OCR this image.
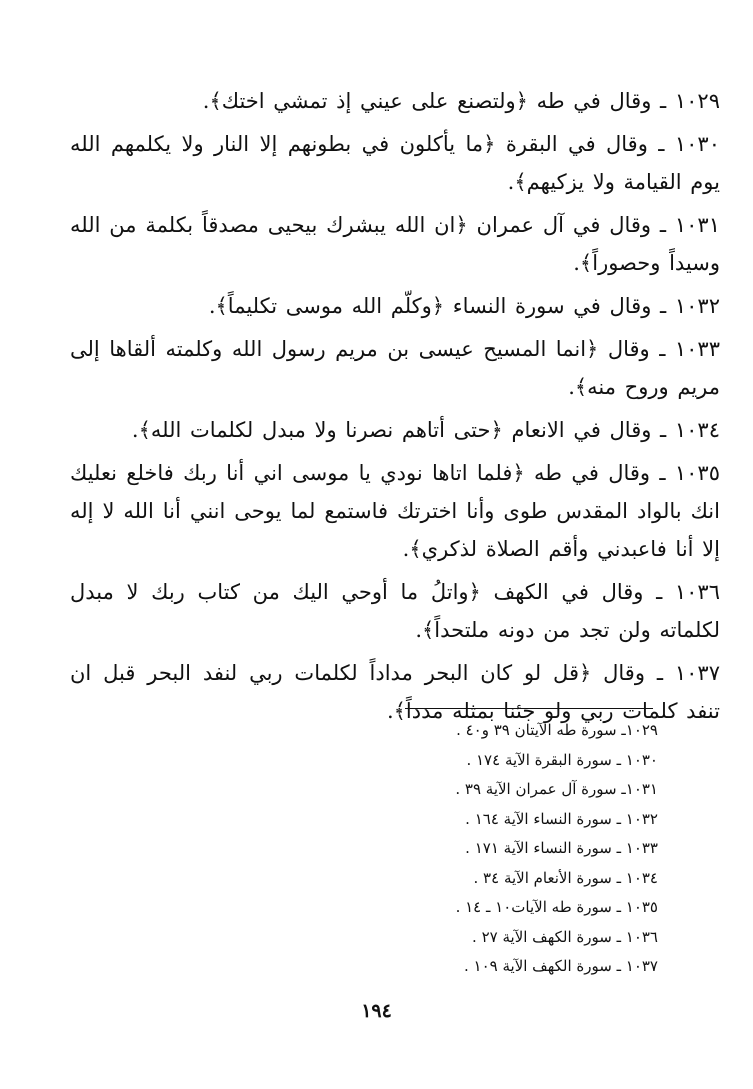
١٠٢٩ ـ وقال في طه ﴿ولتصنع على عيني إذ تمشي اختك﴾.

١٠٣٠ ـ وقال في البقرة ﴿ما يأكلون في بطونهم إلا النار ولا يكلمهم الله يوم القيامة ولا يزكيهم﴾.

١٠٣١ ـ وقال في آل عمران ﴿ان الله يبشرك بيحيى مصدقاً بكلمة من الله وسيداً وحصوراً﴾.

١٠٣٢ ـ وقال في سورة النساء ﴿وكلّم الله موسى تكليماً﴾.

١٠٣٣ ـ وقال ﴿انما المسيح عيسى بن مريم رسول الله وكلمته ألقاها إلى مريم وروح منه﴾.

١٠٣٤ ـ وقال في الانعام ﴿حتى أتاهم نصرنا ولا مبدل لكلمات الله﴾.

١٠٣٥ ـ وقال في طه ﴿فلما اتاها نودي يا موسى اني أنا ربك فاخلع نعليك انك بالواد المقدس طوى وأنا اخترتك فاستمع لما يوحى انني أنا الله لا إله إلا أنا فاعبدني وأقم الصلاة لذكري﴾.

١٠٣٦ ـ وقال في الكهف ﴿واتلُ ما أوحي اليك من كتاب ربك لا مبدل لكلماته ولن تجد من دونه ملتحداً﴾.

١٠٣٧ ـ وقال ﴿قل لو كان البحر مداداً لكلمات ربي لنفد البحر قبل ان تنفد كلمات ربي ولو جئنا بمثله مدداً﴾.

١٠٢٩ـ سورة طه الآيتان ٣٩ و٤٠ .
١٠٣٠ ـ سورة البقرة الآية ١٧٤ .
١٠٣١ـ سورة آل عمران الآية ٣٩ .
١٠٣٢ ـ سورة النساء الآية ١٦٤ .
١٠٣٣ ـ سورة النساء الآية ١٧١ .
١٠٣٤ ـ سورة الأنعام الآية ٣٤ .
١٠٣٥ ـ سورة طه الآيات١٠ ـ ١٤ .
١٠٣٦ ـ سورة الكهف الآية ٢٧ .
١٠٣٧ ـ سورة الكهف الآية ١٠٩ .
١٩٤
